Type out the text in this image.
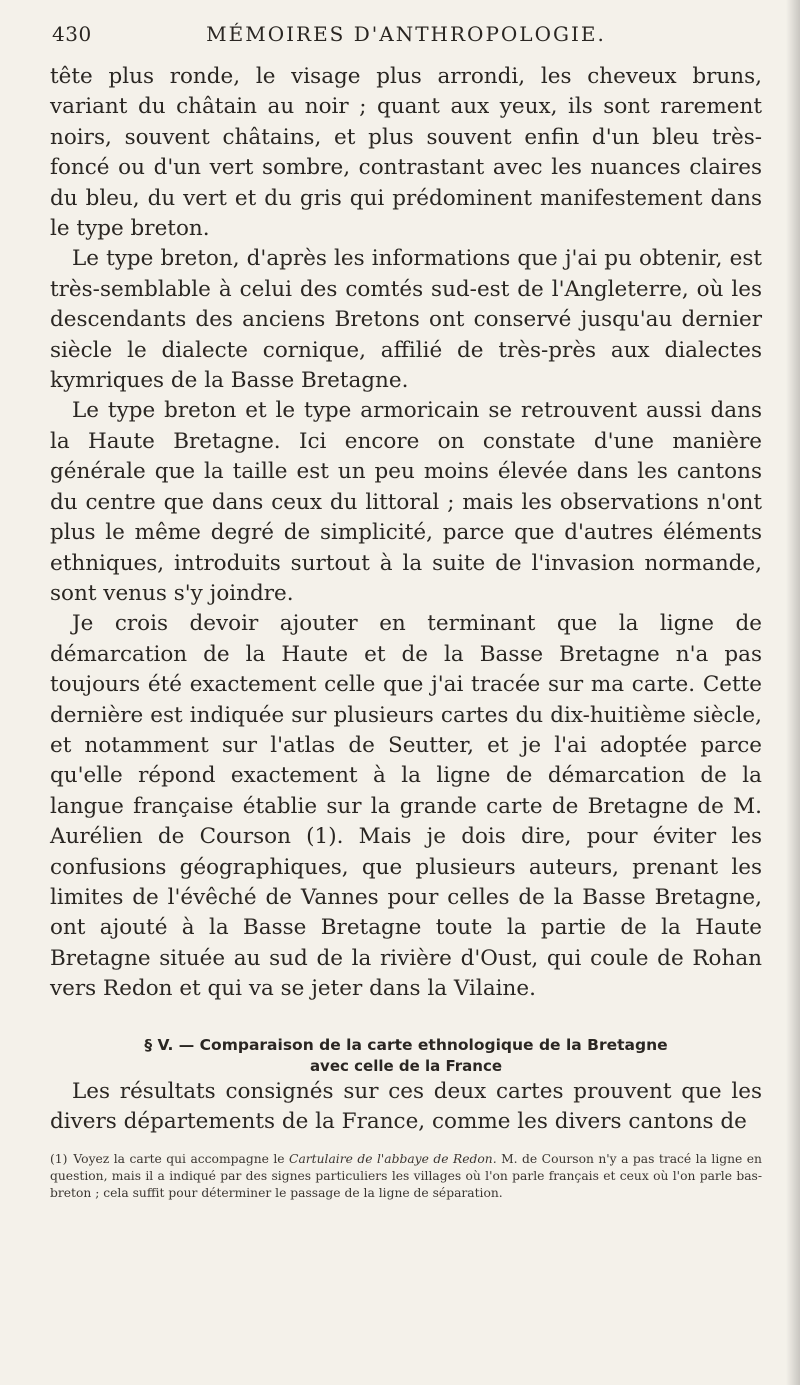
430	MÉMOIRES D'ANTHROPOLOGIE.

tête plus ronde, le visage plus arrondi, les cheveux bruns, variant du châtain au noir ; quant aux yeux, ils sont rarement noirs, souvent châtains, et plus souvent enfin d'un bleu très-foncé ou d'un vert sombre, contrastant avec les nuances claires du bleu, du vert et du gris qui prédominent manifestement dans le type breton.

Le type breton, d'après les informations que j'ai pu obtenir, est très-semblable à celui des comtés sud-est de l'Angleterre, où les descendants des anciens Bretons ont conservé jusqu'au dernier siècle le dialecte cornique, affilié de très-près aux dialectes kymriques de la Basse Bretagne.

Le type breton et le type armoricain se retrouvent aussi dans la Haute Bretagne. Ici encore on constate d'une manière générale que la taille est un peu moins élevée dans les cantons du centre que dans ceux du littoral ; mais les observations n'ont plus le même degré de simplicité, parce que d'autres éléments ethniques, introduits surtout à la suite de l'invasion normande, sont venus s'y joindre.

Je crois devoir ajouter en terminant que la ligne de démarcation de la Haute et de la Basse Bretagne n'a pas toujours été exactement celle que j'ai tracée sur ma carte. Cette dernière est indiquée sur plusieurs cartes du dix-huitième siècle, et notamment sur l'atlas de Seutter, et je l'ai adoptée parce qu'elle répond exactement à la ligne de démarcation de la langue française établie sur la grande carte de Bretagne de M. Aurélien de Courson (1). Mais je dois dire, pour éviter les confusions géographiques, que plusieurs auteurs, prenant les limites de l'évêché de Vannes pour celles de la Basse Bretagne, ont ajouté à la Basse Bretagne toute la partie de la Haute Bretagne située au sud de la rivière d'Oust, qui coule de Rohan vers Redon et qui va se jeter dans la Vilaine.

§ V. — Comparaison de la carte ethnologique de la Bretagne
avec celle de la France

Les résultats consignés sur ces deux cartes prouvent que les divers départements de la France, comme les divers cantons de

(1) Voyez la carte qui accompagne le Cartulaire de l'abbaye de Redon. M. de Courson n'y a pas tracé la ligne en question, mais il a indiqué par des signes particuliers les villages où l'on parle français et ceux où l'on parle bas-breton ; cela suffit pour déterminer le passage de la ligne de séparation.
